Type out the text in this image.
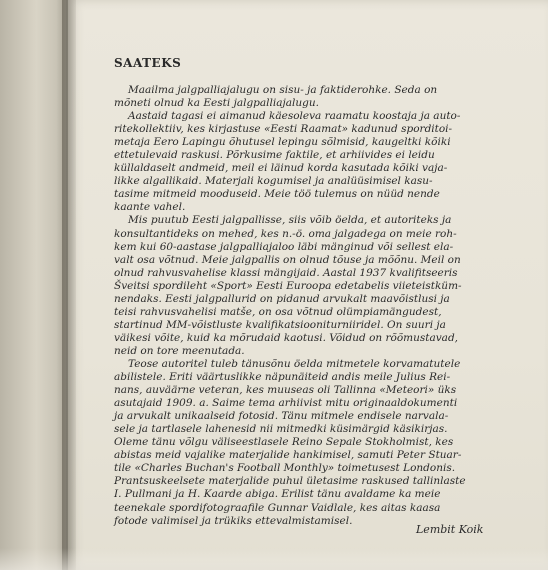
SAATEKS

Maailma jalgpalliajalugu on sisu- ja faktiderohke. Seda on
mõneti olnud ka Eesti jalgpalliajalugu.

Aastaid tagasi ei aimanud käesoleva raamatu koostaja ja auto-
ritekollektiiv, kes kirjastuse «Eesti Raamat» kadunud sporditoi-
metaja Eero Lapingu õhutusel lepingu sõlmisid, kaugeltki kõiki
ettetulevaid raskusi. Põrkusime faktile, et arhiivides ei leidu
küllaldaselt andmeid, meil ei läinud korda kasutada kõiki vaja-
likke algallikaid. Materjali kogumisel ja analüüsimisel kasu-
tasime mitmeid mooduseid. Meie töö tulemus on nüüd nende
kaante vahel.

Mis puutub Eesti jalgpallisse, siis võib öelda, et autoriteks ja
konsultantideks on mehed, kes n.-ö. oma jalgadega on meie roh-
kem kui 60-aastase jalgpalliajaloo läbi mänginud või sellest ela-
valt osa võtnud. Meie jalgpallis on olnud tõuse ja mõõnu. Meil on
olnud rahvusvahelise klassi mängijaid. Aastal 1937 kvalifitseeris
Šveitsi spordileht «Sport» Eesti Euroopa edetabelis viieteistküm-
nendaks. Eesti jalgpallurid on pidanud arvukalt maavõistlusi ja
teisi rahvusvahelisi matše, on osa võtnud olümpiamängudest,
startinud MM-võistluste kvalifikatsiooniturniiridel. On suuri ja
väikesi võite, kuid ka mõrudaid kaotusi. Võidud on rõõmustavad,
neid on tore meenutada.

Teose autoritel tuleb tänusõnu öelda mitmetele korvamatutele
abilistele. Eriti väärtuslikke näpunäiteid andis meile Julius Rei-
nans, auväärne veteran, kes muuseas oli Tallinna «Meteori» üks
asutajaid 1909. a. Saime tema arhiivist mitu originaaldokumenti
ja arvukalt unikaalseid fotosid. Tänu mitmele endisele narvala-
sele ja tartlasele lahenesid nii mitmedki küsimärgid käsikirjas.
Oleme tänu võlgu väliseestlasele Reino Sepale Stokholmist, kes
abistas meid vajalike materjalide hankimisel, samuti Peter Stuar-
tile «Charles Buchan's Football Monthly» toimetusest Londonis.
Prantsuskeelsete materjalide puhul ületasime raskused tallinlaste
I. Pullmani ja H. Kaarde abiga. Erilist tänu avaldame ka meie
teenekale spordifotograafile Gunnar Vaidlale, kes aitas kaasa
fotode valimisel ja trükiks ettevalmistamisel.

Lembit Koik
